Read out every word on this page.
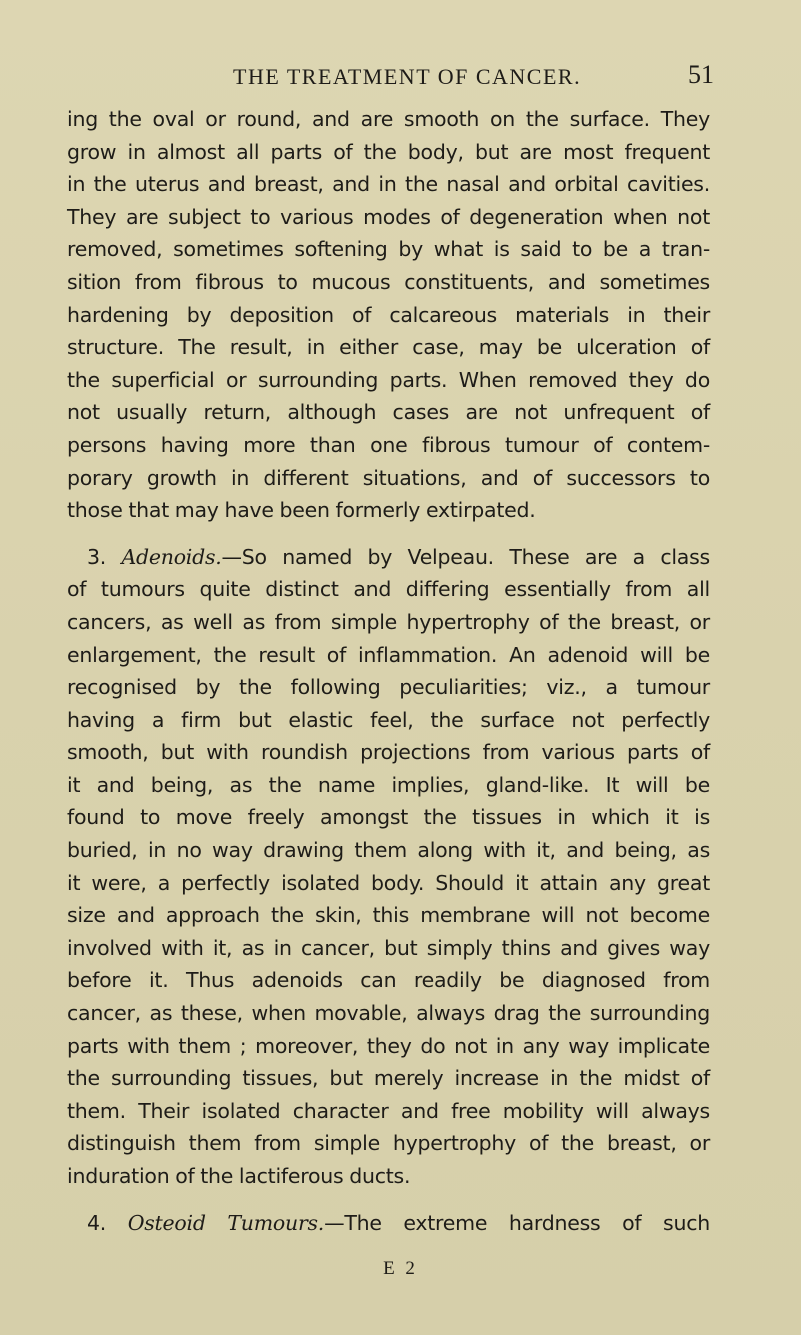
THE TREATMENT OF CANCER.	51
ing the oval or round, and are smooth on the surface. They
grow in almost all parts of the body, but are most frequent
in the uterus and breast, and in the nasal and orbital cavities.
They are subject to various modes of degeneration when not
removed, sometimes softening by what is said to be a tran-
sition from fibrous to mucous constituents, and sometimes
hardening by deposition of calcareous materials in their
structure. The result, in either case, may be ulceration of
the superficial or surrounding parts. When removed they do
not usually return, although cases are not unfrequent of
persons having more than one fibrous tumour of contem-
porary growth in different situations, and of successors to
those that may have been formerly extirpated.
3. Adenoids.—So named by Velpeau. These are a class
of tumours quite distinct and differing essentially from all
cancers, as well as from simple hypertrophy of the breast, or
enlargement, the result of inflammation. An adenoid will be
recognised by the following peculiarities; viz., a tumour
having a firm but elastic feel, the surface not perfectly
smooth, but with roundish projections from various parts of
it and being, as the name implies, gland-like. It will be
found to move freely amongst the tissues in which it is
buried, in no way drawing them along with it, and being, as
it were, a perfectly isolated body. Should it attain any great
size and approach the skin, this membrane will not become
involved with it, as in cancer, but simply thins and gives way
before it. Thus adenoids can readily be diagnosed from
cancer, as these, when movable, always drag the surrounding
parts with them ; moreover, they do not in any way implicate
the surrounding tissues, but merely increase in the midst of
them. Their isolated character and free mobility will always
distinguish them from simple hypertrophy of the breast, or
induration of the lactiferous ducts.
4. Osteoid Tumours.—The extreme hardness of such
E 2
